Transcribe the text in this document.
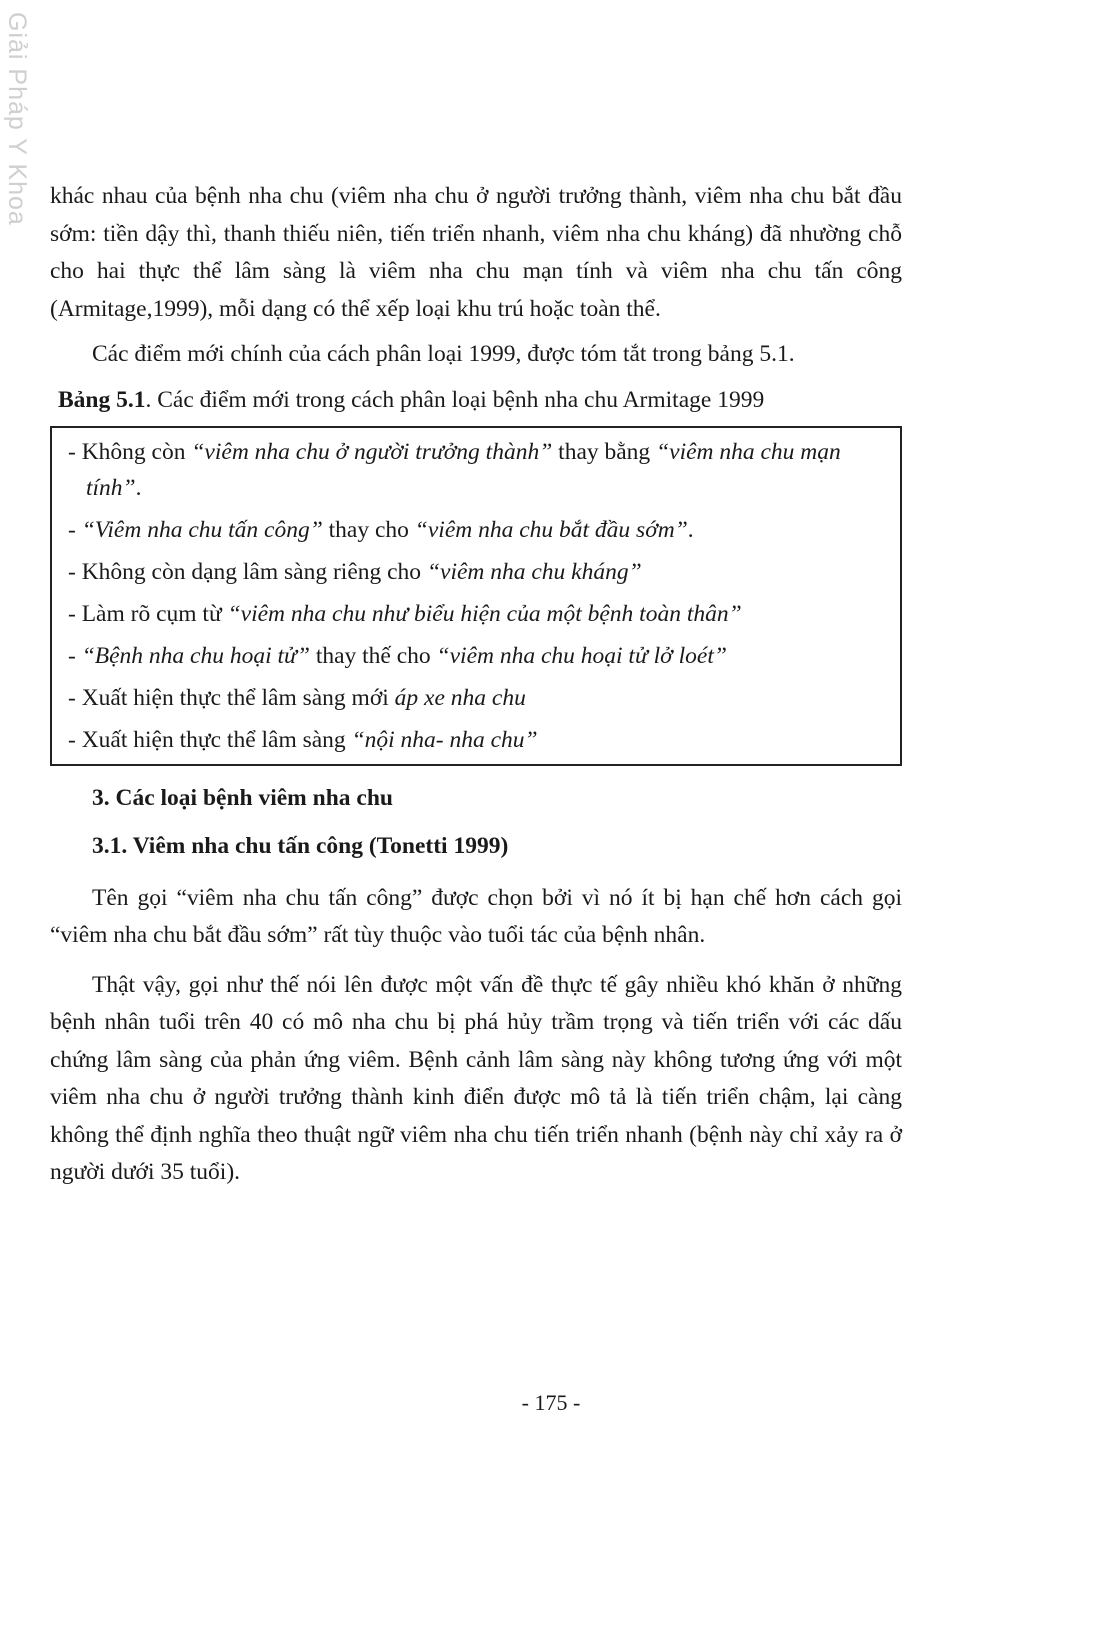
Giải Pháp Y Khoa khác nhau của bệnh nha chu (viêm nha chu ở người trưởng thành, viêm nha chu bắt đầu sớm: tiền dậy thì, thanh thiếu niên, tiến triển nhanh, viêm nha chu kháng) đã nhường chỗ cho hai thực thể lâm sàng là viêm nha chu mạn tính và viêm nha chu tấn công (Armitage,1999), mỗi dạng có thể xếp loại khu trú hoặc toàn thể.

Các điểm mới chính của cách phân loại 1999, được tóm tắt trong bảng 5.1.

Bảng 5.1. Các điểm mới trong cách phân loại bệnh nha chu Armitage 1999
- Không còn “viêm nha chu ở người trưởng thành” thay bằng “viêm nha chu mạn tính”.
- “Viêm nha chu tấn công” thay cho “viêm nha chu bắt đầu sớm”.
- Không còn dạng lâm sàng riêng cho “viêm nha chu kháng”
- Làm rõ cụm từ “viêm nha chu như biểu hiện của một bệnh toàn thân”
- “Bệnh nha chu hoại tử” thay thế cho “viêm nha chu hoại tử lở loét”
- Xuất hiện thực thể lâm sàng mới áp xe nha chu
- Xuất hiện thực thể lâm sàng “nội nha- nha chu”
3. Các loại bệnh viêm nha chu
3.1. Viêm nha chu tấn công (Tonetti 1999)

Tên gọi “viêm nha chu tấn công” được chọn bởi vì nó ít bị hạn chế hơn cách gọi “viêm nha chu bắt đầu sớm” rất tùy thuộc vào tuổi tác của bệnh nhân.

Thật vậy, gọi như thế nói lên được một vấn đề thực tế gây nhiều khó khăn ở những bệnh nhân tuổi trên 40 có mô nha chu bị phá hủy trầm trọng và tiến triển với các dấu chứng lâm sàng của phản ứng viêm. Bệnh cảnh lâm sàng này không tương ứng với một viêm nha chu ở người trưởng thành kinh điển được mô tả là tiến triển chậm, lại càng không thể định nghĩa theo thuật ngữ viêm nha chu tiến triển nhanh (bệnh này chỉ xảy ra ở người dưới 35 tuổi).

- 175 -
